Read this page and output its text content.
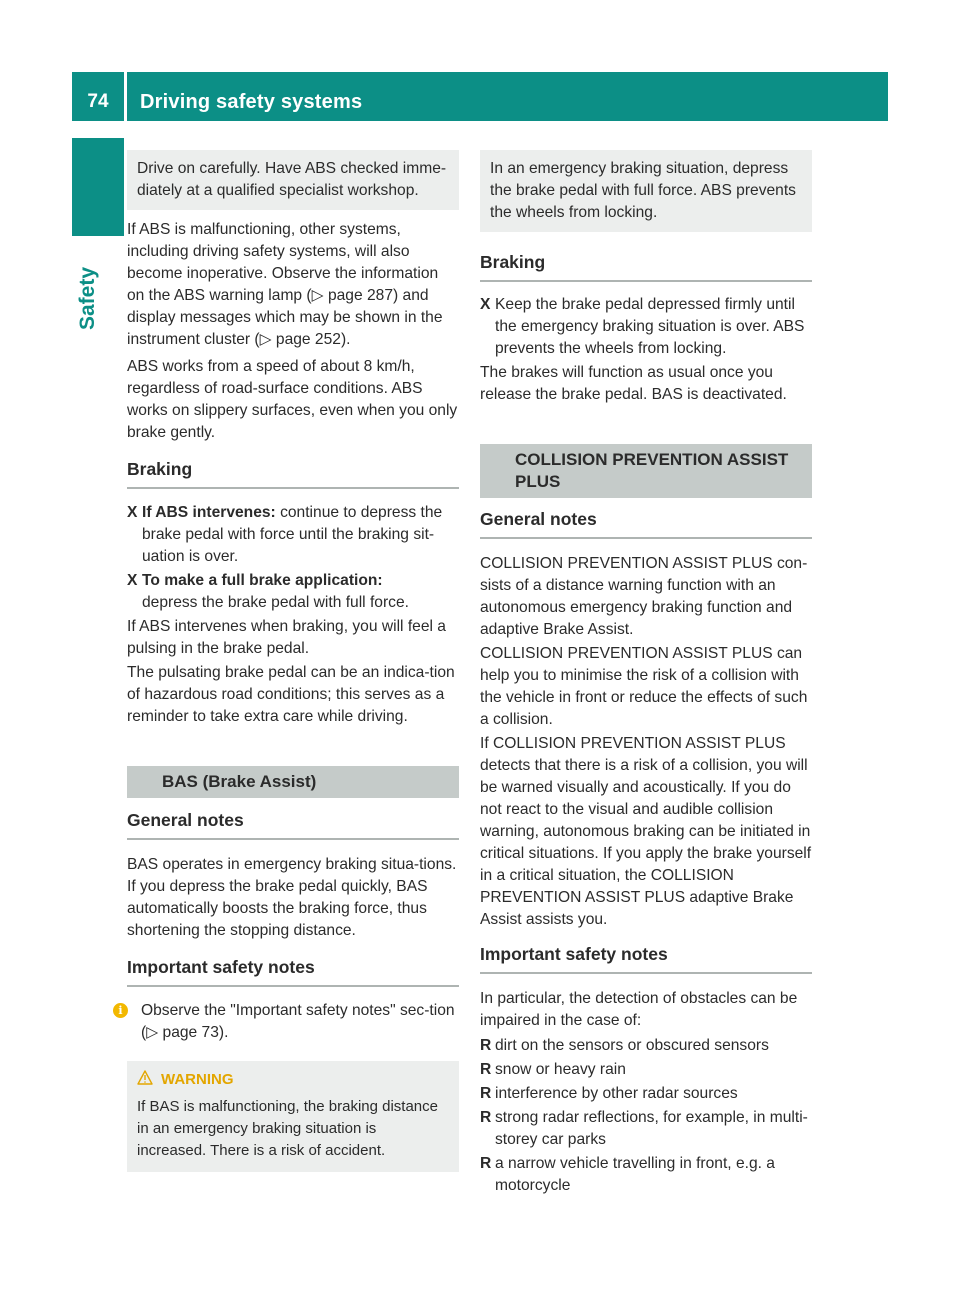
74	Driving safety systems
Safety

Drive on carefully. Have ABS checked imme-diately at a qualified specialist workshop.

If ABS is malfunctioning, other systems, including driving safety systems, will also become inoperative. Observe the information on the ABS warning lamp (▷ page 287) and display messages which may be shown in the instrument cluster (▷ page 252).

ABS works from a speed of about 8 km/h, regardless of road-surface conditions. ABS works on slippery surfaces, even when you only brake gently.

Braking
X If ABS intervenes: continue to depress the brake pedal with force until the braking sit-uation is over.
X To make a full brake application:
depress the brake pedal with full force.

If ABS intervenes when braking, you will feel a pulsing in the brake pedal.

The pulsating brake pedal can be an indica-tion of hazardous road conditions; this serves as a reminder to take extra care while driving.

BAS (Brake Assist)
General notes

BAS operates in emergency braking situa-tions. If you depress the brake pedal quickly, BAS automatically boosts the braking force, thus shortening the stopping distance.

Important safety notes
i	Observe the "Important safety notes" sec-tion (▷ page 73).
WARNING

If BAS is malfunctioning, the braking distance in an emergency braking situation is increased. There is a risk of accident.

In an emergency braking situation, depress the brake pedal with full force. ABS prevents the wheels from locking.

Braking
X Keep the brake pedal depressed firmly until the emergency braking situation is over. ABS prevents the wheels from locking.

The brakes will function as usual once you release the brake pedal. BAS is deactivated.

COLLISION PREVENTION ASSIST PLUS
General notes

COLLISION PREVENTION ASSIST PLUS con-sists of a distance warning function with an autonomous emergency braking function and adaptive Brake Assist.

COLLISION PREVENTION ASSIST PLUS can help you to minimise the risk of a collision with the vehicle in front or reduce the effects of such a collision.

If COLLISION PREVENTION ASSIST PLUS detects that there is a risk of a collision, you will be warned visually and acoustically. If you do not react to the visual and audible collision warning, autonomous braking can be initiated in critical situations. If you apply the brake yourself in a critical situation, the COLLISION PREVENTION ASSIST PLUS adaptive Brake Assist assists you.

Important safety notes

In particular, the detection of obstacles can be impaired in the case of:

R dirt on the sensors or obscured sensors
R snow or heavy rain
R interference by other radar sources
R strong radar reflections, for example, in multi-storey car parks
R a narrow vehicle travelling in front, e.g. a motorcycle
